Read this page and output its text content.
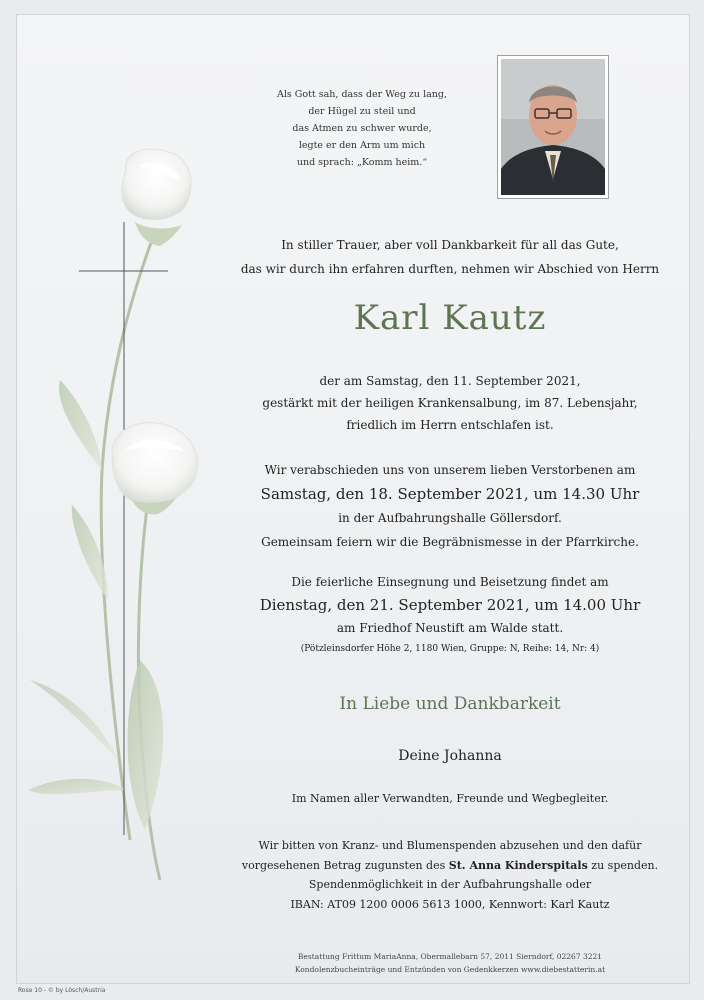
Als Gott sah, dass der Weg zu lang,
der Hügel zu steil und
das Atmen zu schwer wurde,
legte er den Arm um mich
und sprach: „Komm heim.“
In stiller Trauer, aber voll Dankbarkeit für all das Gute,
das wir durch ihn erfahren durften, nehmen wir Abschied von Herrn
Karl Kautz
der am Samstag, den 11. September 2021,
gestärkt mit der heiligen Krankensalbung, im 87. Lebensjahr,
friedlich im Herrn entschlafen ist.
Wir verabschieden uns von unserem lieben Verstorbenen am
Samstag, den 18. September 2021, um 14.30 Uhr
in der Aufbahrungshalle Göllersdorf.
Gemeinsam feiern wir die Begräbnismesse in der Pfarrkirche.
Die feierliche Einsegnung und Beisetzung findet am
Dienstag, den 21. September 2021, um 14.00 Uhr
am Friedhof Neustift am Walde statt.
(Pötzleinsdorfer Höhe 2, 1180 Wien, Gruppe: N, Reihe: 14, Nr: 4)
In Liebe und Dankbarkeit
Deine Johanna
Im Namen aller Verwandten, Freunde und Wegbegleiter.
Wir bitten von Kranz- und Blumenspenden abzusehen und den dafür
vorgesehenen Betrag zugunsten des St. Anna Kinderspitals zu spenden.
Spendenmöglichkeit in der Aufbahrungshalle oder
IBAN: AT09 1200 0006 5613 1000, Kennwort: Karl Kautz
Bestattung Frittum MariaAnna, Obermallebarn 57, 2011 Sierndorf, 02267 3221
Kondolenzbucheinträge und Entzünden von Gedenkkerzen www.diebestatterin.at
Rose 10 - © by Lösch/Austria
